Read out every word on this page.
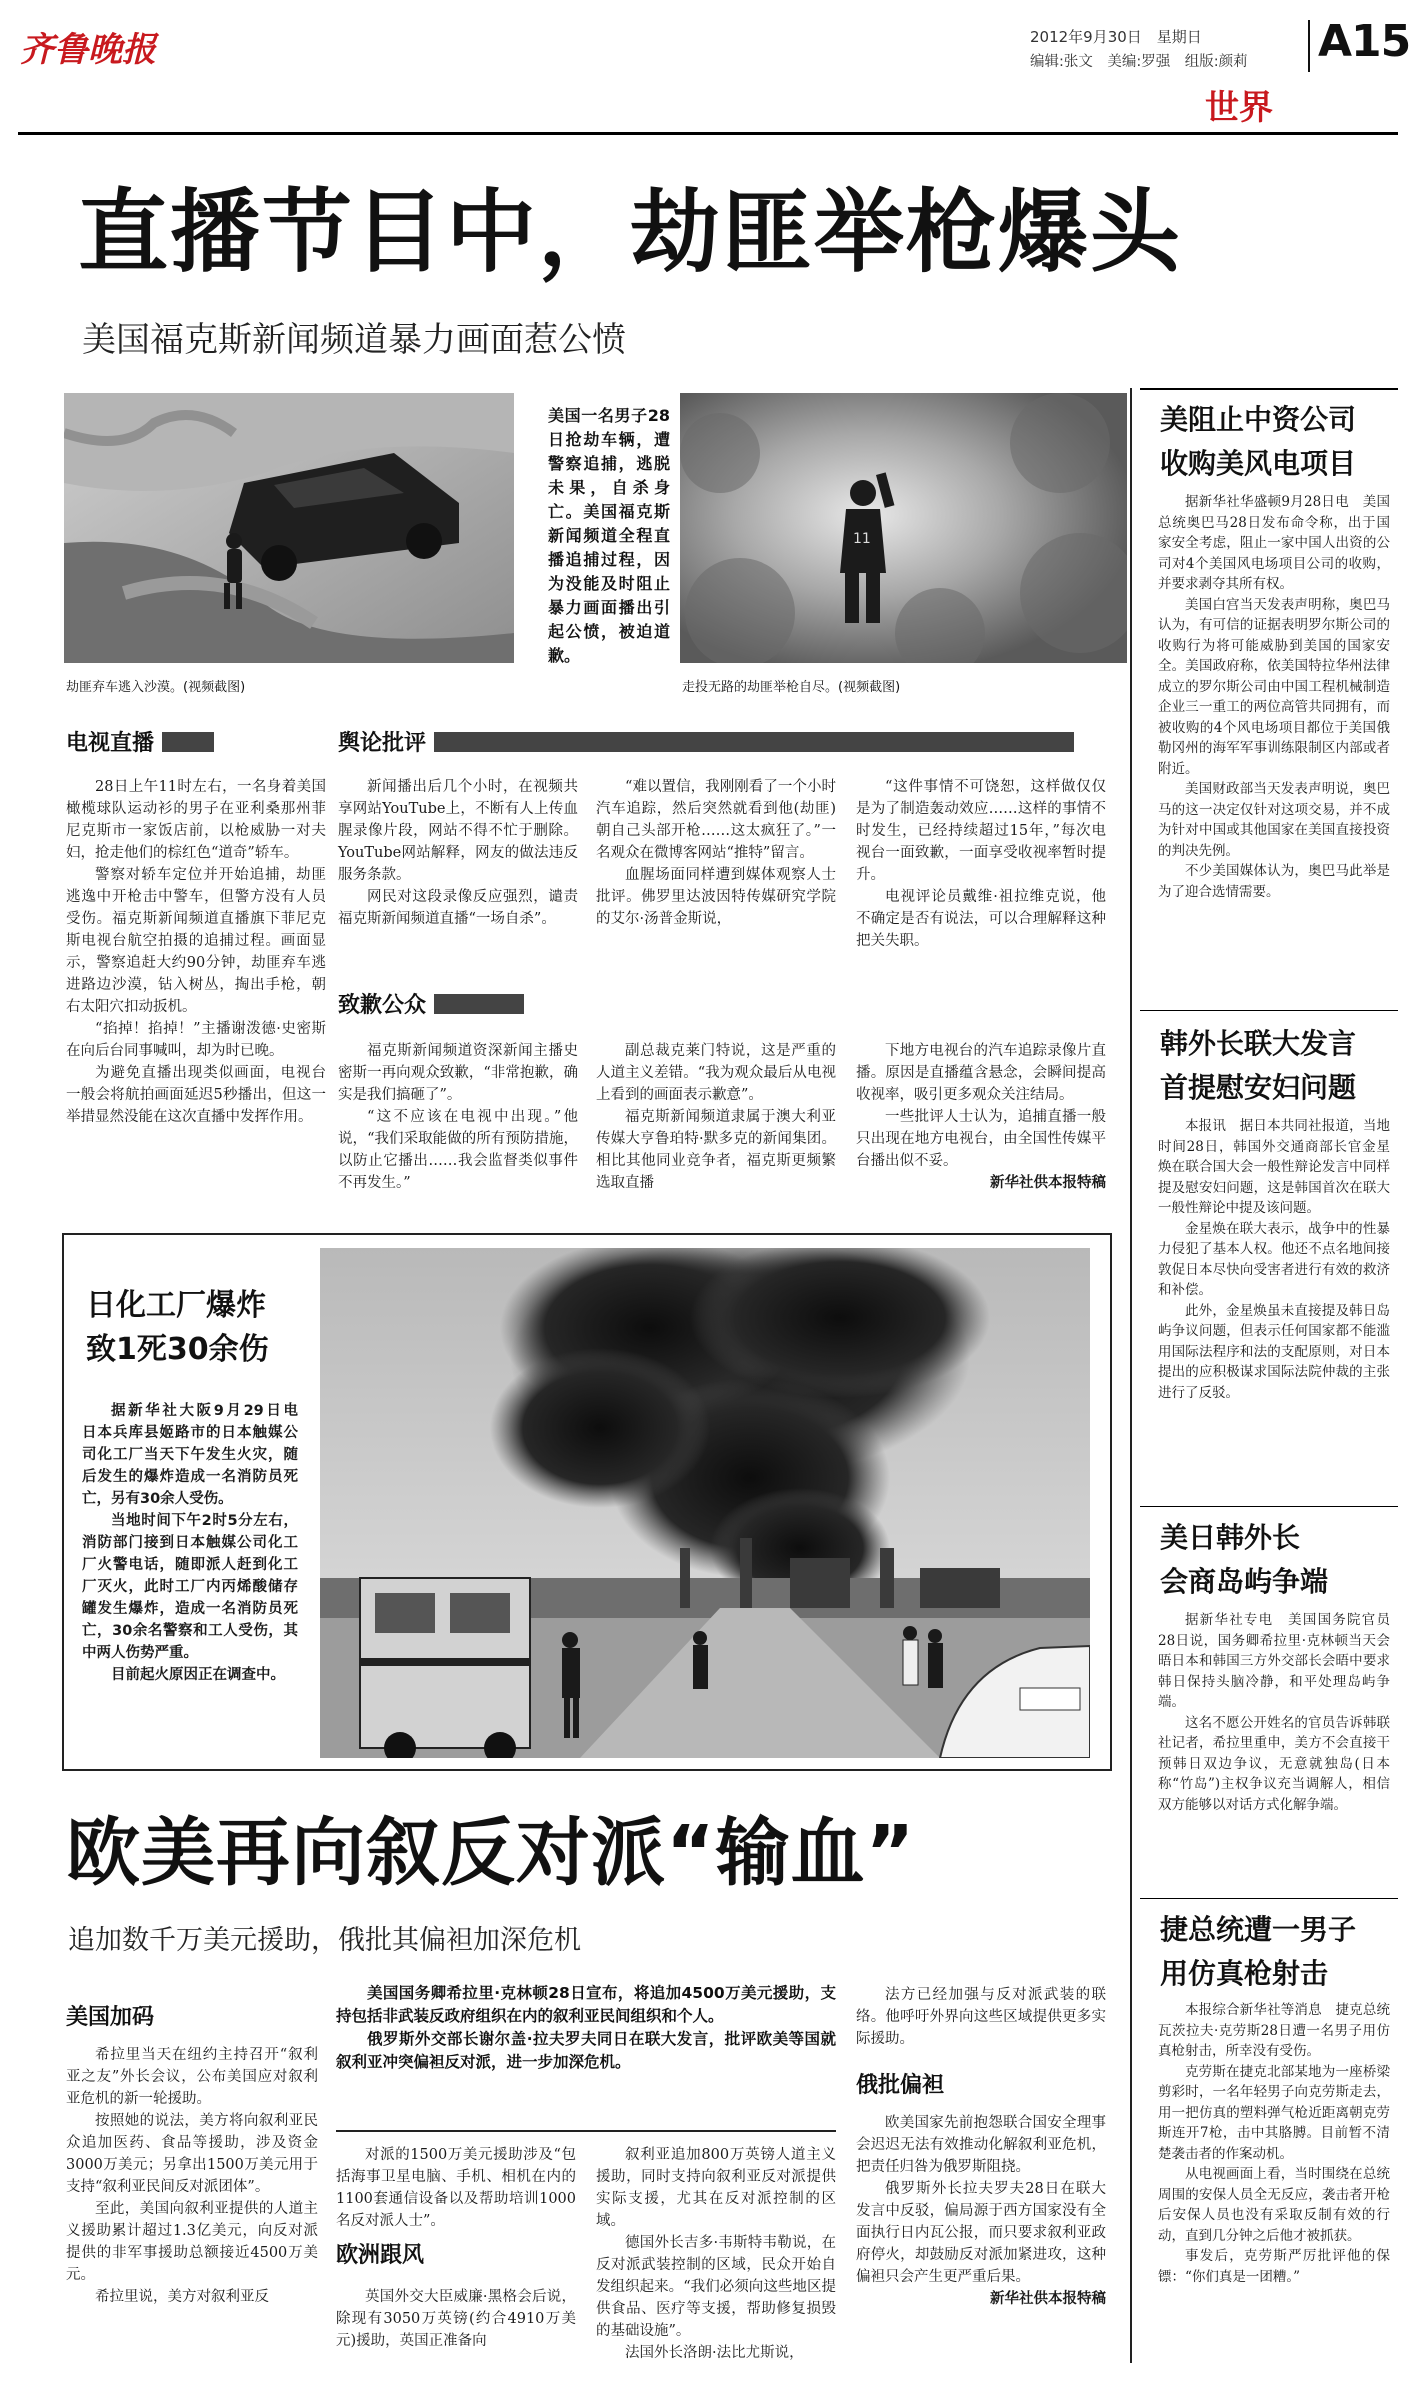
齐鲁晚报	2012年9月30日　星期日
编辑:张文　美编:罗强　组版:颜莉 A15
世界
直播节目中，劫匪举枪爆头
美国福克斯新闻频道暴力画面惹公愤
劫匪弃车逃入沙漠。(视频截图)
美国一名男子28日抢劫车辆，遭警察追捕，逃脱未果，自杀身亡。美国福克斯新闻频道全程直播追捕过程，因为没能及时阻止暴力画面播出引起公愤，被迫道歉。
11
走投无路的劫匪举枪自尽。(视频截图)
电视直播	舆论批评

28日上午11时左右，一名身着美国橄榄球队运动衫的男子在亚利桑那州菲尼克斯市一家饭店前，以枪威胁一对夫妇，抢走他们的棕红色“道奇”轿车。

警察对轿车定位并开始追捕，劫匪逃逸中开枪击中警车，但警方没有人员受伤。福克斯新闻频道直播旗下菲尼克斯电视台航空拍摄的追捕过程。画面显示，警察追赶大约90分钟，劫匪弃车逃进路边沙漠，钻入树丛，掏出手枪，朝右太阳穴扣动扳机。

“掐掉！掐掉！”主播谢泼德·史密斯在向后台同事喊叫，却为时已晚。

为避免直播出现类似画面，电视台一般会将航拍画面延迟5秒播出，但这一举措显然没能在这次直播中发挥作用。

新闻播出后几个小时，在视频共享网站YouTube上，不断有人上传血腥录像片段，网站不得不忙于删除。YouTube网站解释，网友的做法违反服务条款。

网民对这段录像反应强烈，谴责福克斯新闻频道直播“一场自杀”。

“难以置信，我刚刚看了一个小时汽车追踪，然后突然就看到他(劫匪)朝自己头部开枪……这太疯狂了。”一名观众在微博客网站“推特”留言。

血腥场面同样遭到媒体观察人士批评。佛罗里达波因特传媒研究学院的艾尔·汤普金斯说，

“这件事情不可饶恕，这样做仅仅是为了制造轰动效应……这样的事情不时发生，已经持续超过15年，”每次电视台一面致歉，一面享受收视率暂时提升。

电视评论员戴维·祖拉维克说，他不确定是否有说法，可以合理解释这种把关失职。

致歉公众

福克斯新闻频道资深新闻主播史密斯一再向观众致歉，“非常抱歉，确实是我们搞砸了”。

“这不应该在电视中出现。”他说，“我们采取能做的所有预防措施，以防止它播出……我会监督类似事件不再发生。”

副总裁克莱门特说，这是严重的人道主义差错。“我为观众最后从电视上看到的画面表示歉意”。

福克斯新闻频道隶属于澳大利亚传媒大亨鲁珀特·默多克的新闻集团。相比其他同业竞争者，福克斯更频繁选取直播

下地方电视台的汽车追踪录像片直播。原因是直播蕴含悬念，会瞬间提高收视率，吸引更多观众关注结局。

一些批评人士认为，追捕直播一般只出现在地方电视台，由全国性传媒平台播出似不妥。

新华社供本报特稿

日化工厂爆炸
致1死30余伤

据新华社大阪9月29日电　日本兵库县姬路市的日本触媒公司化工厂当天下午发生火灾，随后发生的爆炸造成一名消防员死亡，另有30余人受伤。

当地时间下午2时5分左右，消防部门接到日本触媒公司化工厂火警电话，随即派人赶到化工厂灭火，此时工厂内丙烯酸储存罐发生爆炸，造成一名消防员死亡，30余名警察和工人受伤，其中两人伤势严重。

目前起火原因正在调查中。

欧美再向叙反对派“输血”
追加数千万美元援助，俄批其偏袒加深危机
美国加码

希拉里当天在纽约主持召开“叙利亚之友”外长会议，公布美国应对叙利亚危机的新一轮援助。

按照她的说法，美方将向叙利亚民众追加医药、食品等援助，涉及资金3000万美元；另拿出1500万美元用于支持“叙利亚民间反对派团体”。

至此，美国向叙利亚提供的人道主义援助累计超过1.3亿美元，向反对派提供的非军事援助总额接近4500万美元。

希拉里说，美方对叙利亚反

美国国务卿希拉里·克林顿28日宣布，将追加4500万美元援助，支持包括非武装反政府组织在内的叙利亚民间组织和个人。

俄罗斯外交部长谢尔盖·拉夫罗夫同日在联大发言，批评欧美等国就叙利亚冲突偏袒反对派，进一步加深危机。

对派的1500万美元援助涉及“包括海事卫星电脑、手机、相机在内的1100套通信设备以及帮助培训1000名反对派人士”。

欧洲跟风

英国外交大臣威廉·黑格会后说，除现有3050万英镑(约合4910万美元)援助，英国正准备向

叙利亚追加800万英镑人道主义援助，同时支持向叙利亚反对派提供实际支援，尤其在反对派控制的区域。

德国外长吉多·韦斯特韦勒说，在反对派武装控制的区域，民众开始自发组织起来。“我们必须向这些地区提供食品、医疗等支援，帮助修复损毁的基础设施”。

法国外长洛朗·法比尤斯说，

法方已经加强与反对派武装的联络。他呼吁外界向这些区域提供更多实际援助。

俄批偏袒

欧美国家先前抱怨联合国安全理事会迟迟无法有效推动化解叙利亚危机，把责任归咎为俄罗斯阻挠。

俄罗斯外长拉夫罗夫28日在联大发言中反驳，偏局源于西方国家没有全面执行日内瓦公报，而只要求叙利亚政府停火，却鼓励反对派加紧进攻，这种偏袒只会产生更严重后果。

新华社供本报特稿

美阻止中资公司
收购美风电项目

据新华社华盛顿9月28日电　美国总统奥巴马28日发布命令称，出于国家安全考虑，阻止一家中国人出资的公司对4个美国风电场项目公司的收购，并要求剥夺其所有权。

美国白宫当天发表声明称，奥巴马认为，有可信的证据表明罗尔斯公司的收购行为将可能威胁到美国的国家安全。美国政府称，依美国特拉华州法律成立的罗尔斯公司由中国工程机械制造企业三一重工的两位高管共同拥有，而被收购的4个风电场项目都位于美国俄勒冈州的海军军事训练限制区内部或者附近。

美国财政部当天发表声明说，奥巴马的这一决定仅针对这项交易，并不成为针对中国或其他国家在美国直接投资的判决先例。

不少美国媒体认为，奥巴马此举是为了迎合选情需要。

韩外长联大发言
首提慰安妇问题

本报讯　据日本共同社报道，当地时间28日，韩国外交通商部长官金星焕在联合国大会一般性辩论发言中同样提及慰安妇问题，这是韩国首次在联大一般性辩论中提及该问题。

金星焕在联大表示，战争中的性暴力侵犯了基本人权。他还不点名地间接敦促日本尽快向受害者进行有效的救济和补偿。

此外，金星焕虽未直接提及韩日岛屿争议问题，但表示任何国家都不能滥用国际法程序和法的支配原则，对日本提出的应积极谋求国际法院仲裁的主张进行了反驳。

美日韩外长
会商岛屿争端

据新华社专电　美国国务院官员28日说，国务卿希拉里·克林顿当天会晤日本和韩国三方外交部长会晤中要求韩日保持头脑冷静，和平处理岛屿争端。

这名不愿公开姓名的官员告诉韩联社记者，希拉里重申，美方不会直接干预韩日双边争议，无意就独岛(日本称“竹岛”)主权争议充当调解人，相信双方能够以对话方式化解争端。

捷总统遭一男子
用仿真枪射击

本报综合新华社等消息　捷克总统瓦茨拉夫·克劳斯28日遭一名男子用仿真枪射击，所幸没有受伤。

克劳斯在捷克北部某地为一座桥梁剪彩时，一名年轻男子向克劳斯走去，用一把仿真的塑料弹气枪近距离朝克劳斯连开7枪，击中其胳膊。目前暂不清楚袭击者的作案动机。

从电视画面上看，当时围绕在总统周围的安保人员全无反应，袭击者开枪后安保人员也没有采取反制有效的行动，直到几分钟之后他才被抓获。

事发后，克劳斯严厉批评他的保镖：“你们真是一团糟。”
